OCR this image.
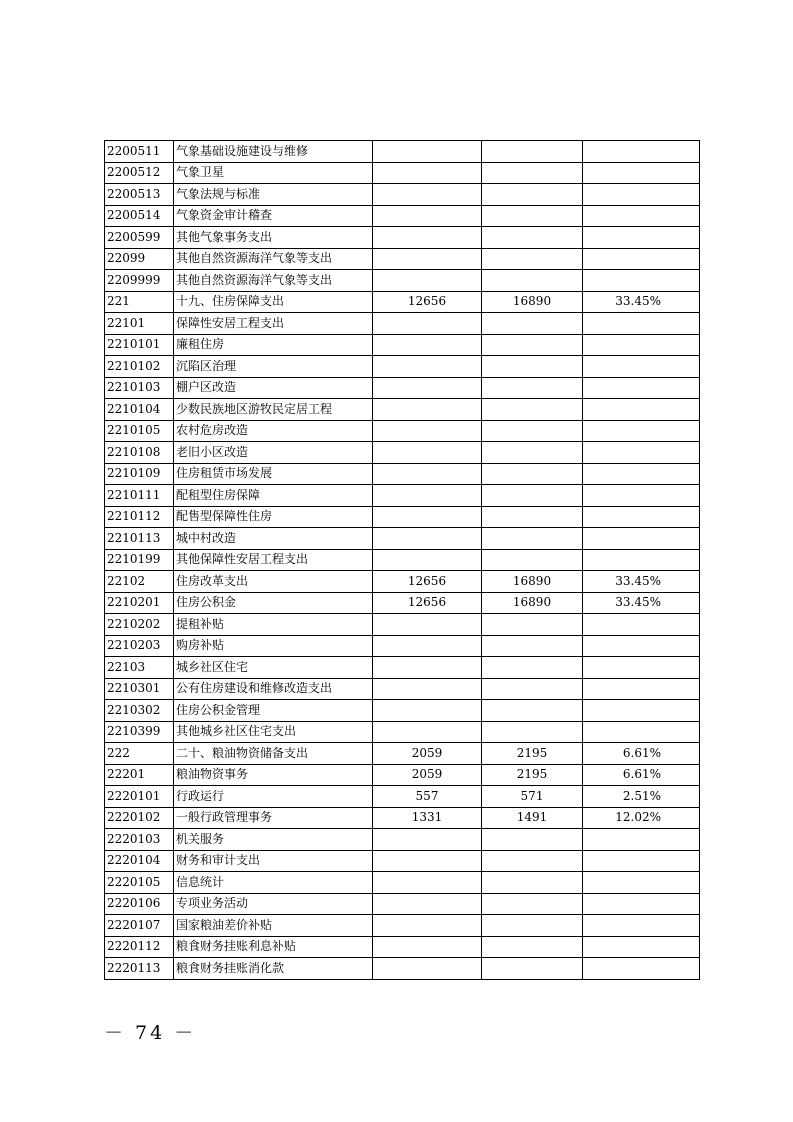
2200511	气象基础设施建设与维修			
2200512	气象卫星			
2200513	气象法规与标准			
2200514	气象资金审计稽查			
2200599	其他气象事务支出			
22099	其他自然资源海洋气象等支出			
2209999	其他自然资源海洋气象等支出			
221	十九、住房保障支出	12656	16890	33.45%
22101	保障性安居工程支出			
2210101	廉租住房			
2210102	沉陷区治理			
2210103	棚户区改造			
2210104	少数民族地区游牧民定居工程			
2210105	农村危房改造			
2210108	老旧小区改造			
2210109	住房租赁市场发展			
2210111	配租型住房保障			
2210112	配售型保障性住房			
2210113	城中村改造			
2210199	其他保障性安居工程支出			
22102	住房改革支出	12656	16890	33.45%
2210201	住房公积金	12656	16890	33.45%
2210202	提租补贴			
2210203	购房补贴			
22103	城乡社区住宅			
2210301	公有住房建设和维修改造支出			
2210302	住房公积金管理			
2210399	其他城乡社区住宅支出			
222	二十、粮油物资储备支出	2059	2195	6.61%
22201	粮油物资事务	2059	2195	6.61%
2220101	行政运行	557	571	2.51%
2220102	一般行政管理事务	1331	1491	12.02%
2220103	机关服务			
2220104	财务和审计支出			
2220105	信息统计			
2220106	专项业务活动			
2220107	国家粮油差价补贴			
2220112	粮食财务挂账利息补贴			
2220113	粮食财务挂账消化款			
－ 74 －
